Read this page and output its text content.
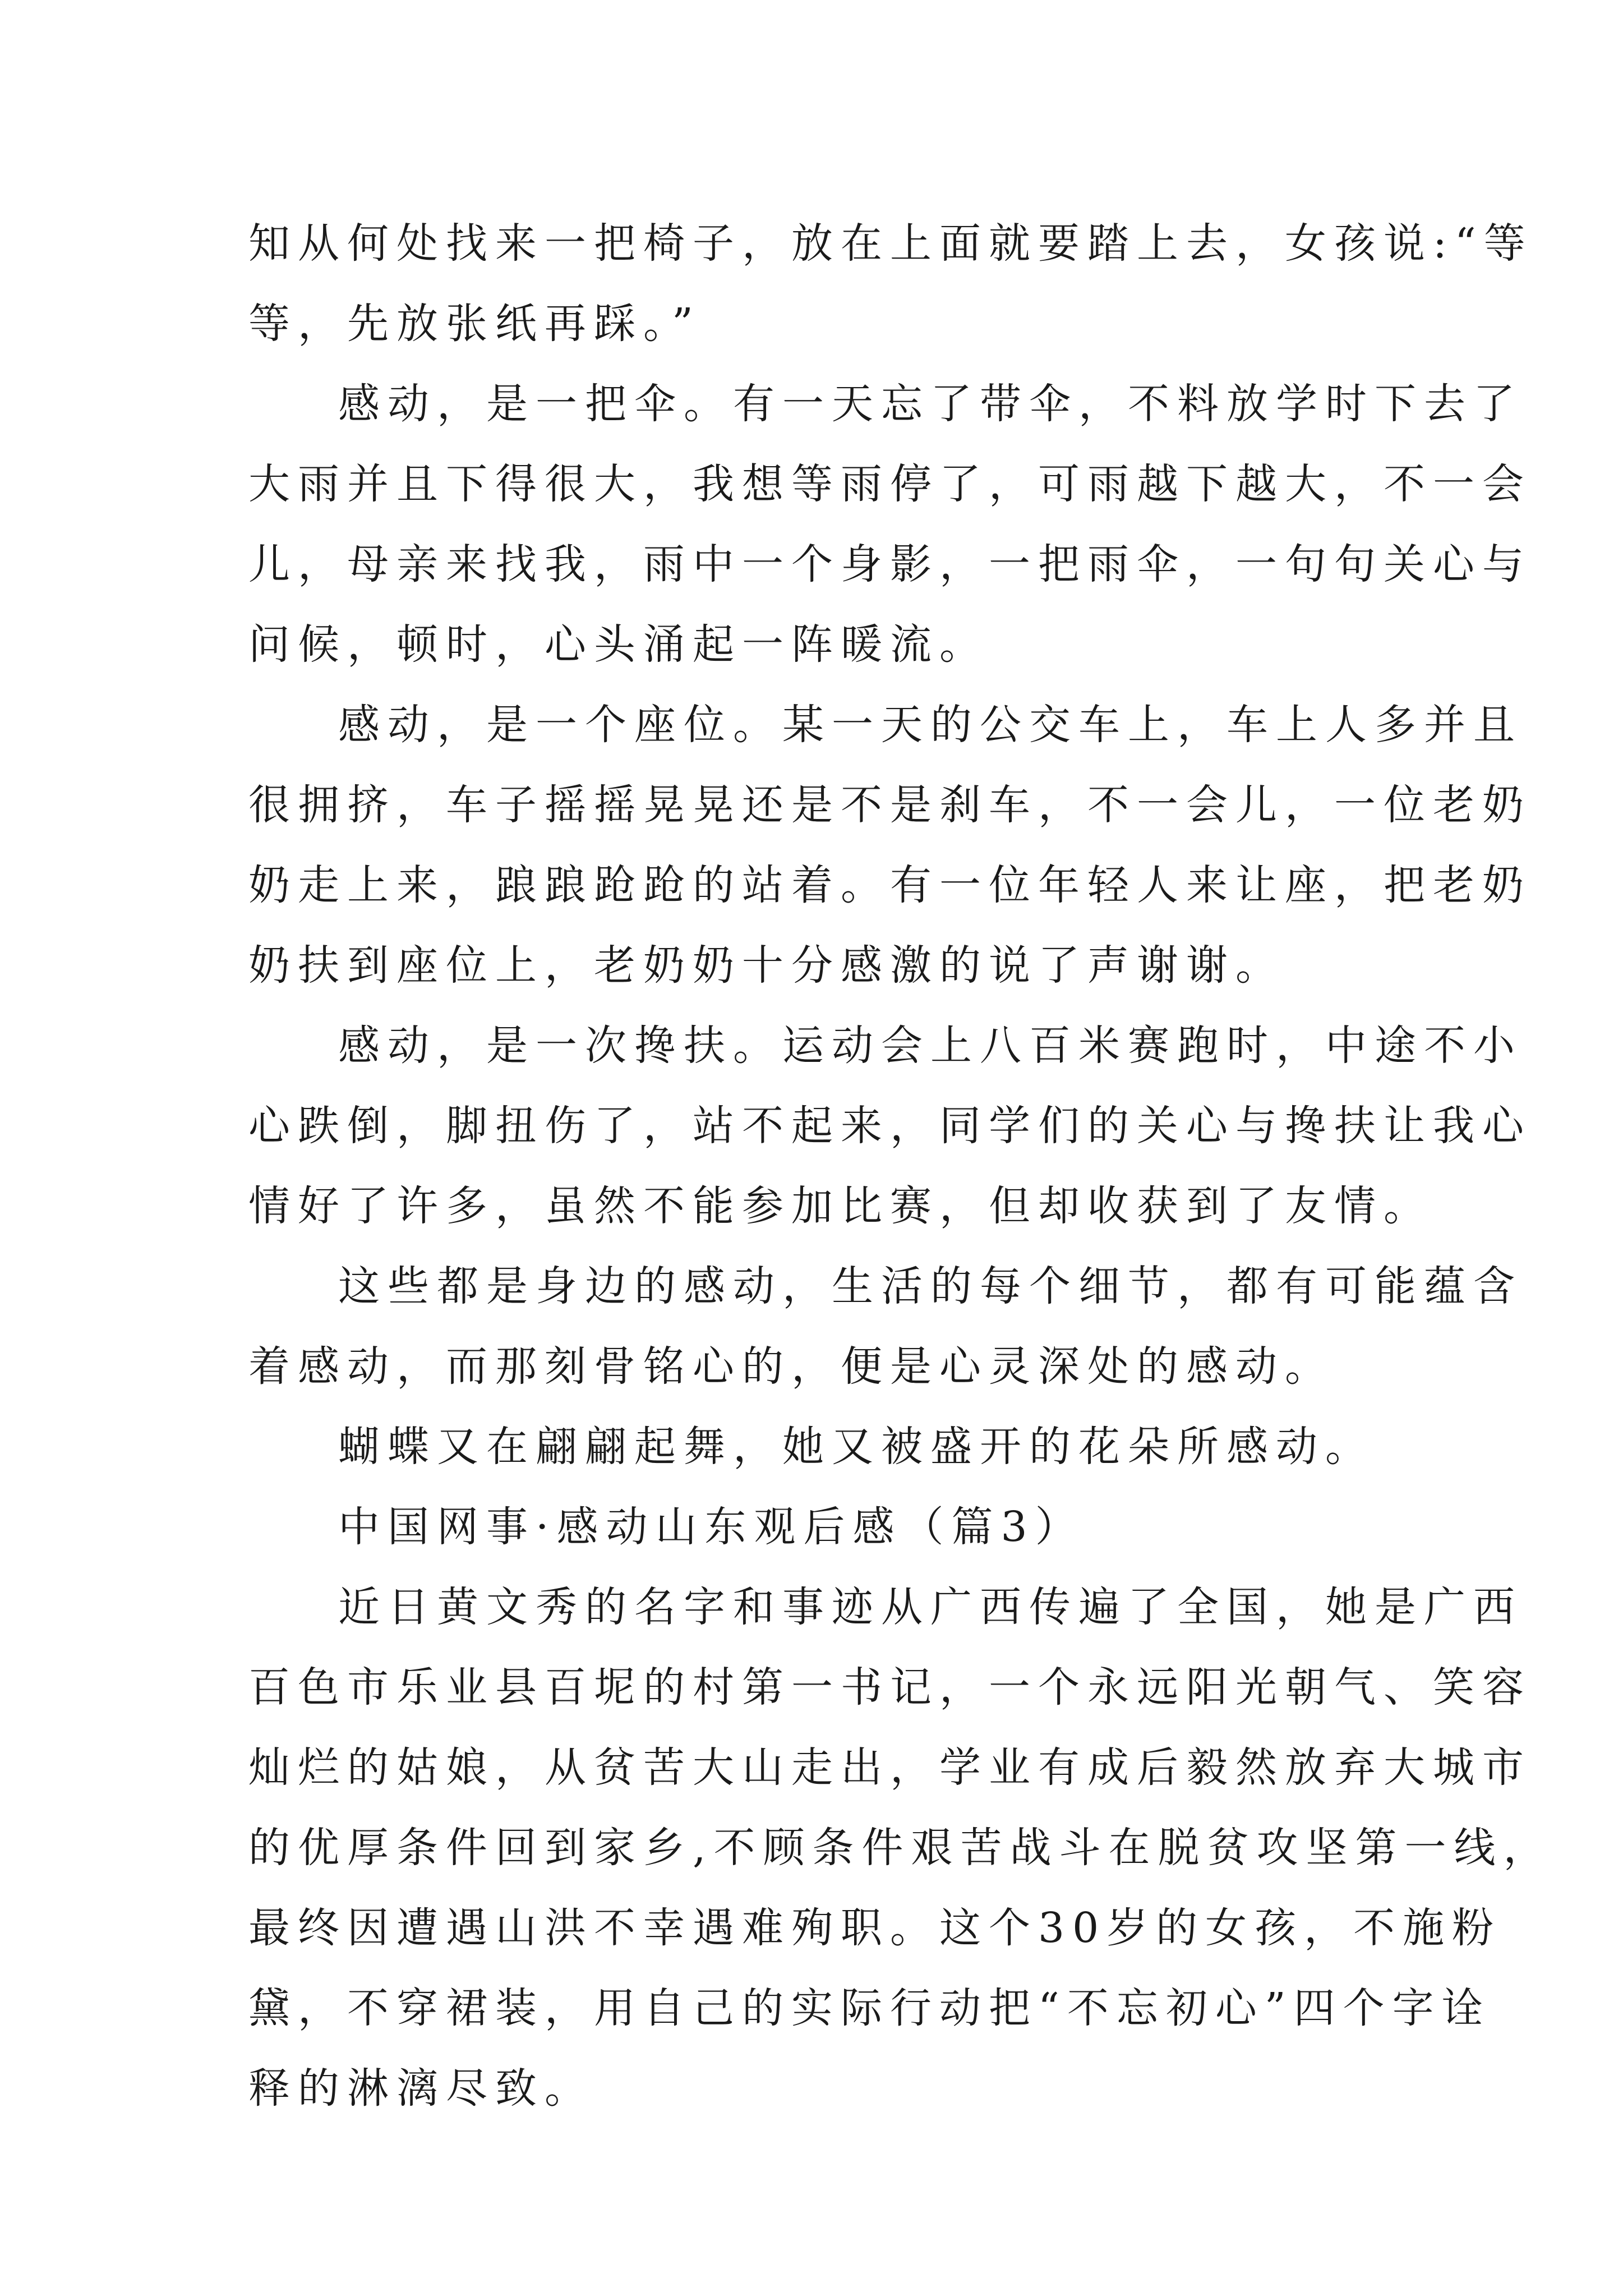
知从何处找来一把椅子，放在上面就要踏上去，女孩说:“等
等，先放张纸再踩。”
感动，是一把伞。有一天忘了带伞，不料放学时下去了
大雨并且下得很大，我想等雨停了，可雨越下越大，不一会
儿，母亲来找我，雨中一个身影，一把雨伞，一句句关心与
问候，顿时，心头涌起一阵暖流。
感动，是一个座位。某一天的公交车上，车上人多并且
很拥挤，车子摇摇晃晃还是不是刹车，不一会儿，一位老奶
奶走上来，踉踉跄跄的站着。有一位年轻人来让座，把老奶
奶扶到座位上，老奶奶十分感激的说了声谢谢。
感动，是一次搀扶。运动会上八百米赛跑时，中途不小
心跌倒，脚扭伤了，站不起来，同学们的关心与搀扶让我心
情好了许多，虽然不能参加比赛，但却收获到了友情。
这些都是身边的感动，生活的每个细节，都有可能蕴含
着感动，而那刻骨铭心的，便是心灵深处的感动。
蝴蝶又在翩翩起舞，她又被盛开的花朵所感动。
中国网事·感动山东观后感（篇3）
近日黄文秀的名字和事迹从广西传遍了全国，她是广西
百色市乐业县百坭的村第一书记，一个永远阳光朝气、笑容
灿烂的姑娘，从贫苦大山走出，学业有成后毅然放弃大城市
的优厚条件回到家乡,不顾条件艰苦战斗在脱贫攻坚第一线，
最终因遭遇山洪不幸遇难殉职。这个30岁的女孩，不施粉
黛，不穿裙装，用自己的实际行动把“不忘初心”四个字诠
释的淋漓尽致。
